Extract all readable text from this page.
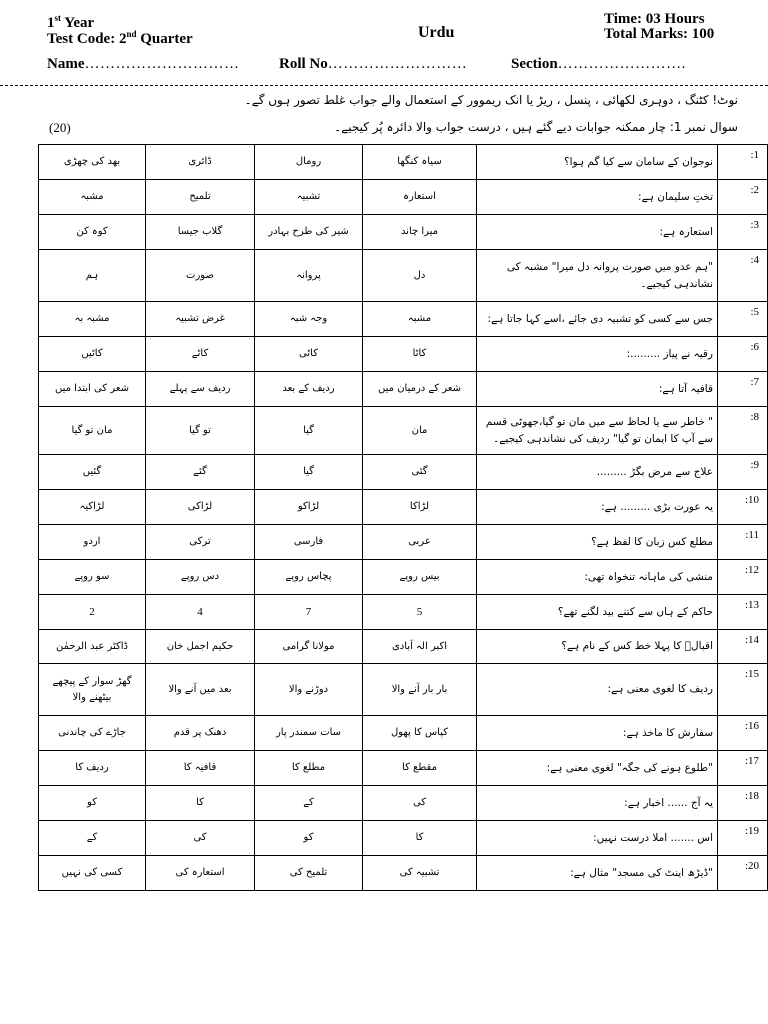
1st Year
Test Code: 2nd Quarter	Urdu
Time: 03 Hours
Total Marks: 100
Name…………………………	Roll No………………………	Section…………………….
نوٹ! کٹنگ ، دوہری لکھائی ، پنسل ، ریڑ یا انک ریموور کے استعمال والے جواب غلط تصور ہوں گے۔
سوال نمبر 1: چار ممکنہ جوابات دیے گئے ہیں ، درست جواب والا دائرہ پُر کیجیے۔
(20)
بھد کی چھڑی	ڈائری	رومال	سیاہ کنگھا	نوجوان کے سامان سے کیا گم ہوا؟	:1
مشبہ	تلمیح	تشبیہ	استعارہ	تختِ سلیمان ہے:	:2
کوہ کن	گلاب جیسا	شیر کی طرح بہادر	میرا چاند	استعارہ ہے:	:3
ہم	صورت	پروانہ	دل	"ہم عدو میں صورت پروانہ دل میرا" مشبہ کی نشاندہی کیجیے۔	:4
مشبہ بہ	غرض تشبیہ	وجہ شبہ	مشبہ	جس سے کسی کو تشبیہ دی جائے ،اسے کہا جاتا ہے:	:5
کاٹیں	کاٹے	کاٹی	کاٹا	رقیہ نے پیاز .........:	:6
شعر کی ابتدا میں	ردیف سے پہلے	ردیف کے بعد	شعر کے درمیان میں	قافیہ آتا ہے:	:7
مان تو گیا	تو گیا	گیا	مان	" خاطر سے یا لحاظ سے میں مان تو گیا،جھوٹی قسم سے آپ کا ایمان تو گیا" ردیف کی نشاندہی کیجیے۔	:8
گئیں	گئے	گیا	گئی	علاج سے مرض بگڑ .........	:9
لڑاکیہ	لڑاکی	لڑاکو	لڑاکا	یہ عورت بڑی ......... ہے:	:10
اردو	ترکی	فارسی	عربی	مطلع کس زبان کا لفظ ہے؟	:11
سو روپے	دس روپے	پچاس روپے	بیس روپے	منشی کی ماہانہ تنخواہ تھی:	:12
2	4	7	5	حاکم کے ہاں سے کتنے بید لگنے تھے؟	:13
ڈاکٹر عبد الرحمٰن	حکیم اجمل خان	مولانا گرامی	اکبر الہ آبادی	اقبالؒ کا پہلا خط کس کے نام ہے؟	:14
گھڑ سوار کے پیچھے بیٹھنے والا	بعد میں آنے والا	دوڑنے والا	بار بار آنے والا	ردیف کا لغوی معنی ہے:	:15
جاڑے کی چاندنی	دھنک پر قدم	سات سمندر پار	کپاس کا پھول	سفارش کا ماخذ ہے:	:16
ردیف کا	قافیہ کا	مطلع کا	مقطع کا	"طلوع ہونے کی جگہ" لغوی معنی ہے:	:17
کو	کا	کے	کی	یہ آج ...... اخبار ہے:	:18
کے	کی	کو	کا	اس ....... املا درست نہیں:	:19
کسی کی نہیں	استعارہ کی	تلمیح کی	تشبیہ کی	"ڈیڑھ اینٹ کی مسجد" مثال ہے:	:20
